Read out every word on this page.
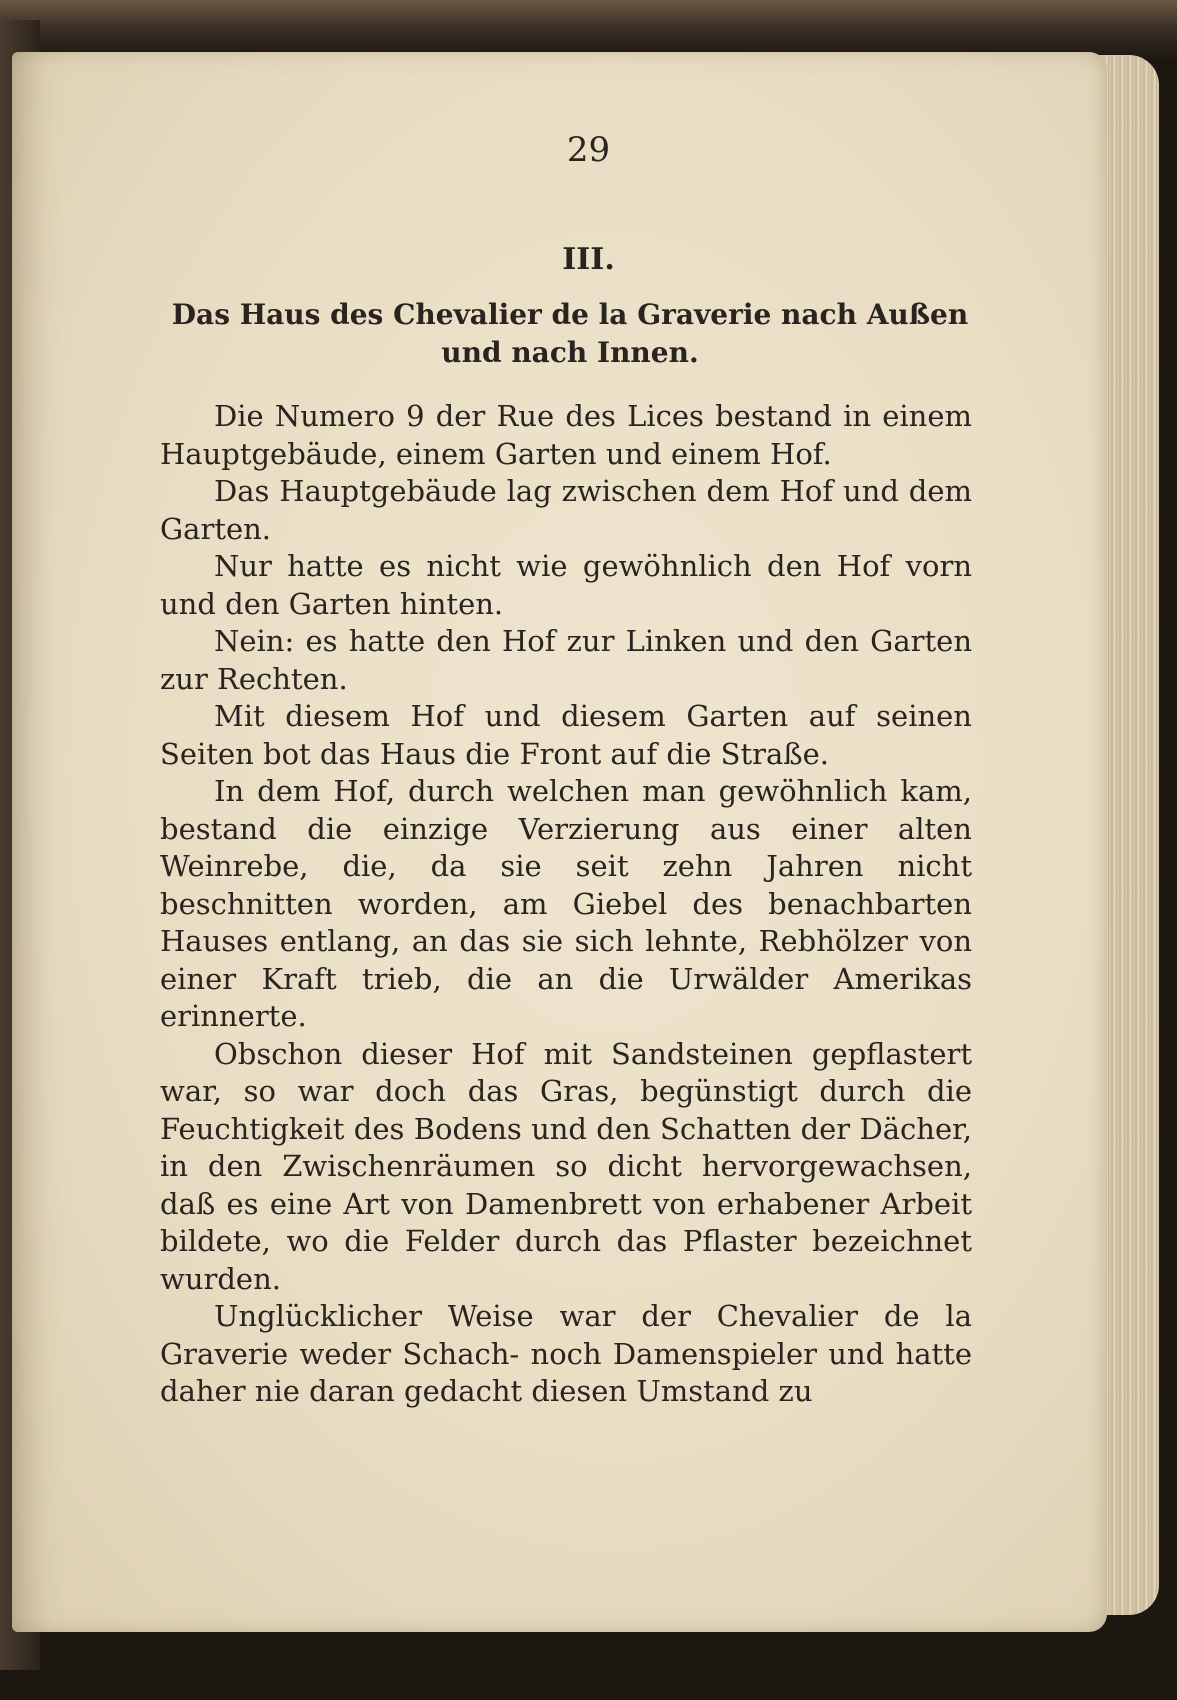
29
III.
Das Haus des Chevalier de la Graverie nach Außen und nach Innen.

Die Numero 9 der Rue des Lices bestand in einem Hauptgebäude, einem Garten und einem Hof.

Das Hauptgebäude lag zwischen dem Hof und dem Garten.

Nur hatte es nicht wie gewöhnlich den Hof vorn und den Garten hinten.

Nein: es hatte den Hof zur Linken und den Garten zur Rechten.

Mit diesem Hof und diesem Garten auf seinen Seiten bot das Haus die Front auf die Straße.

In dem Hof, durch welchen man gewöhnlich kam, bestand die einzige Verzierung aus einer alten Weinrebe, die, da sie seit zehn Jahren nicht beschnitten worden, am Giebel des benachbarten Hauses entlang, an das sie sich lehnte, Rebhölzer von einer Kraft trieb, die an die Urwälder Amerikas erinnerte.

Obschon dieser Hof mit Sandsteinen gepflastert war, so war doch das Gras, begünstigt durch die Feuchtigkeit des Bodens und den Schatten der Dächer, in den Zwischenräumen so dicht hervorgewachsen, daß es eine Art von Damenbrett von erhabener Arbeit bildete, wo die Felder durch das Pflaster bezeichnet wurden.

Unglücklicher Weise war der Chevalier de la Graverie weder Schach- noch Damenspieler und hatte daher nie daran gedacht diesen Umstand zu
